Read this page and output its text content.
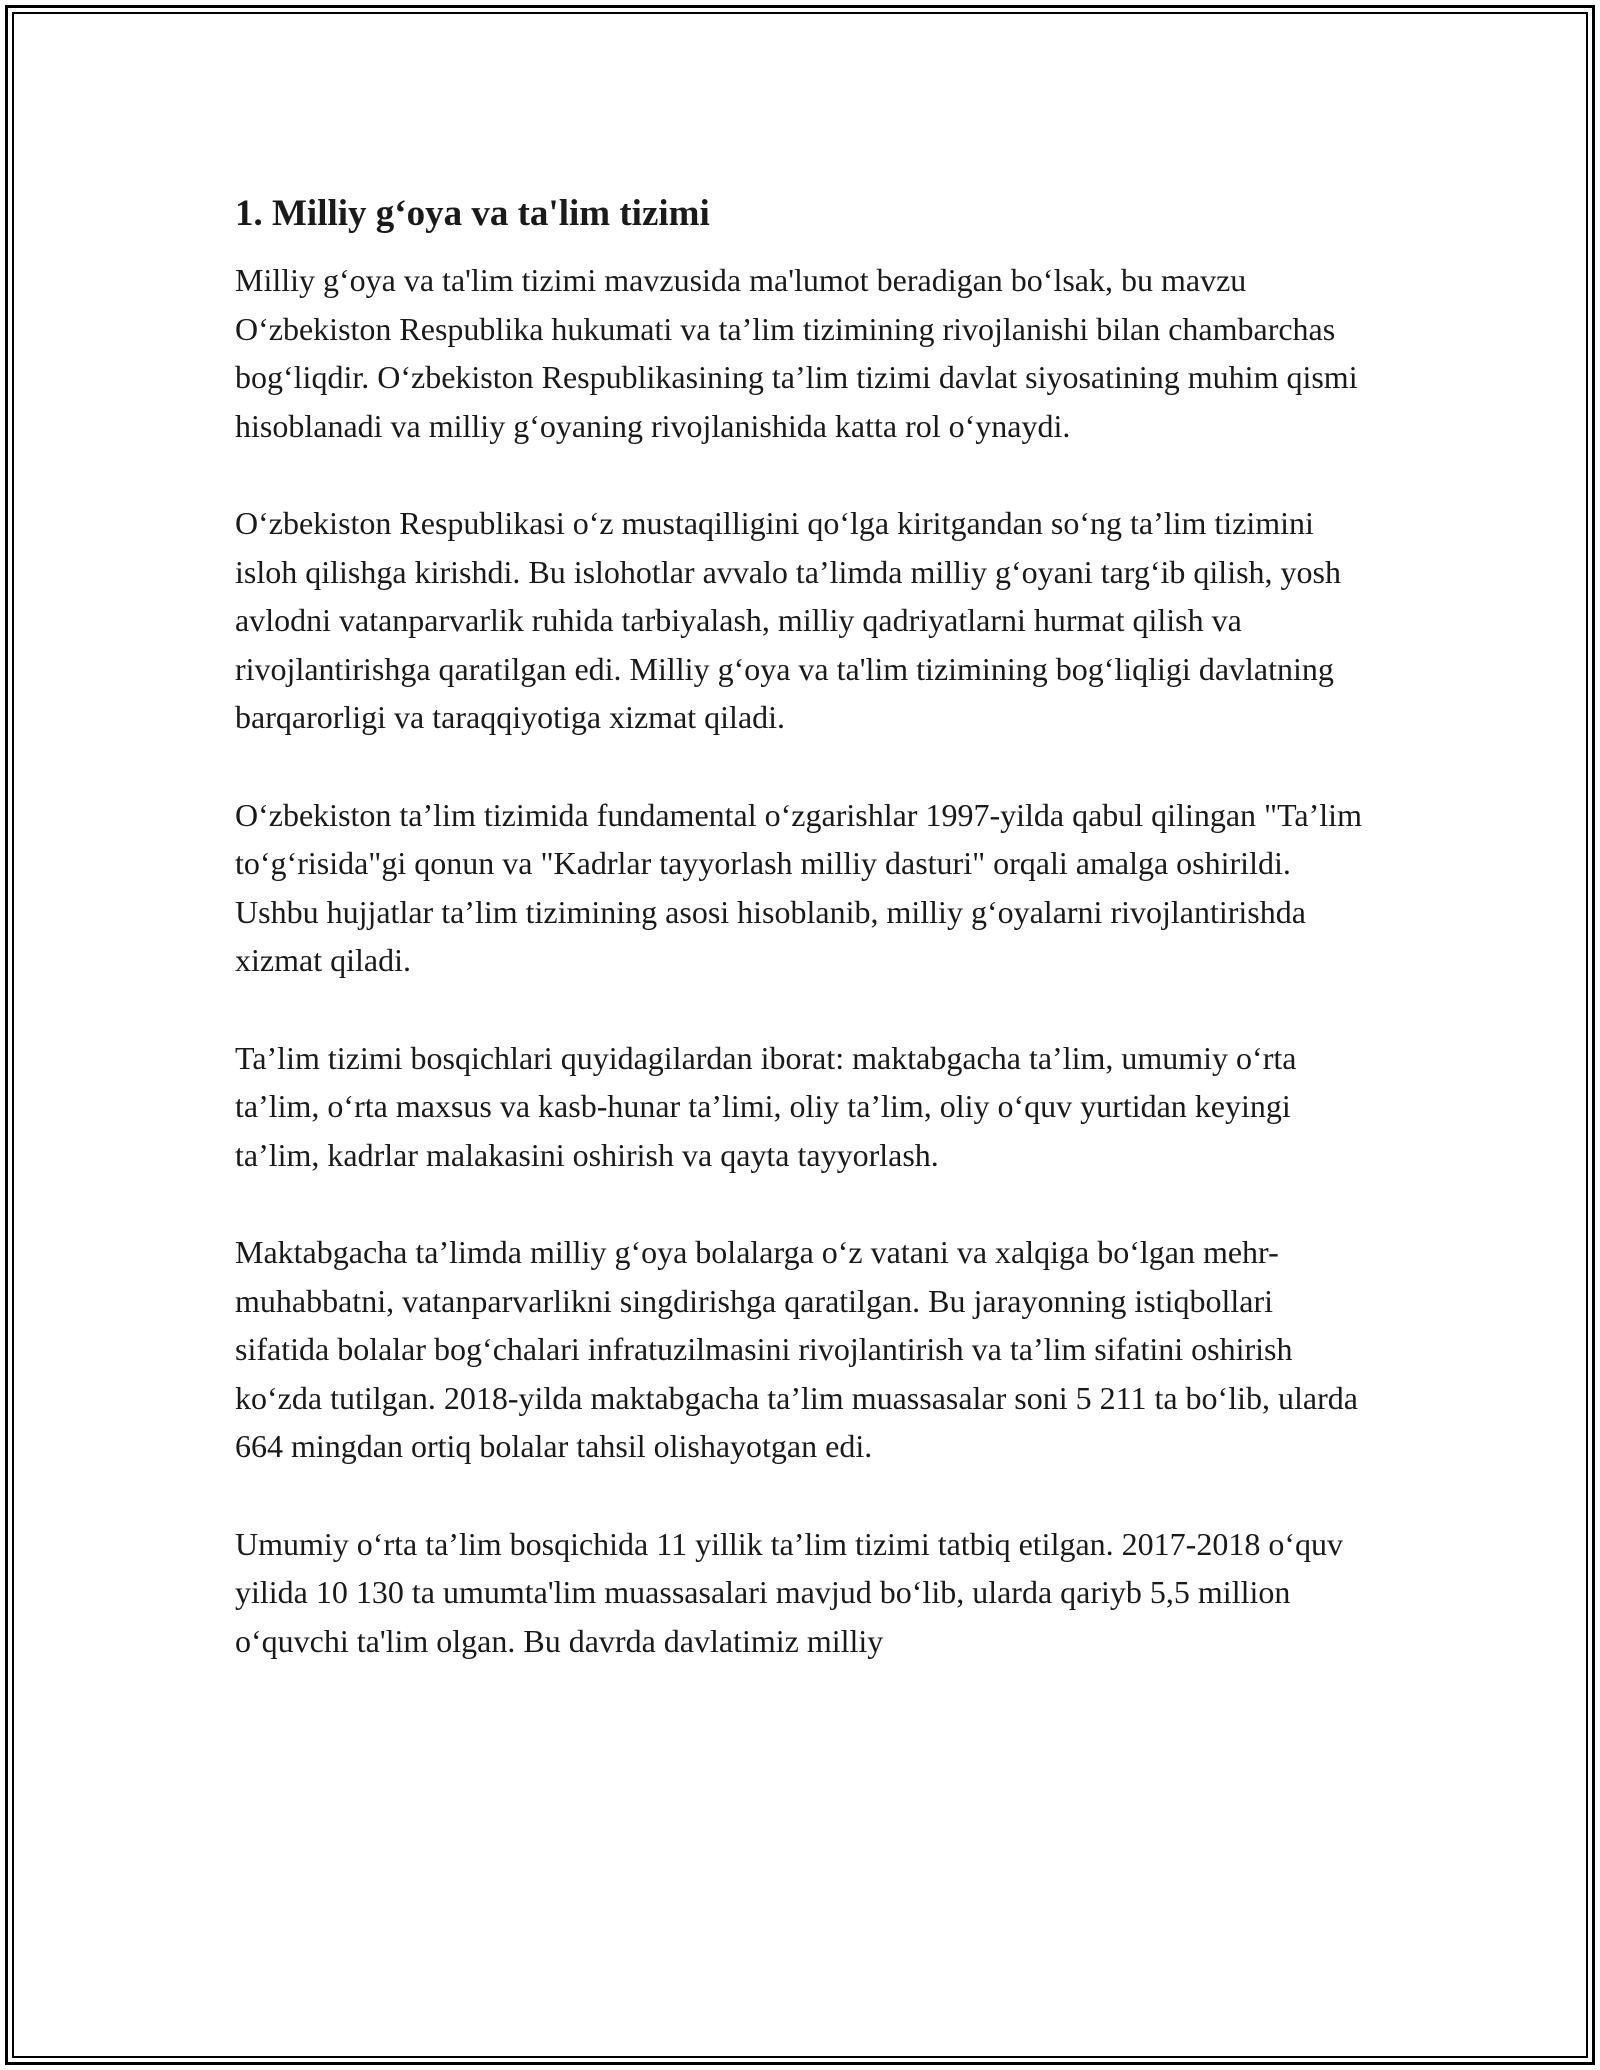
1. Milliy g‘oya va ta'lim tizimi

Milliy g‘oya va ta'lim tizimi mavzusida ma'lumot beradigan bo‘lsak, bu mavzu O‘zbekiston Respublika hukumati va ta’lim tizimining rivojlanishi bilan chambarchas bog‘liqdir. O‘zbekiston Respublikasining ta’lim tizimi davlat siyosatining muhim qismi hisoblanadi va milliy g‘oyaning rivojlanishida katta rol o‘ynaydi.

O‘zbekiston Respublikasi o‘z mustaqilligini qo‘lga kiritgandan so‘ng ta’lim tizimini isloh qilishga kirishdi. Bu islohotlar avvalo ta’limda milliy g‘oyani targ‘ib qilish, yosh avlodni vatanparvarlik ruhida tarbiyalash, milliy qadriyatlarni hurmat qilish va rivojlantirishga qaratilgan edi. Milliy g‘oya va ta'lim tizimining bog‘liqligi davlatning barqarorligi va taraqqiyotiga xizmat qiladi.

O‘zbekiston ta’lim tizimida fundamental o‘zgarishlar 1997-yilda qabul qilingan "Ta’lim to‘g‘risida"gi qonun va "Kadrlar tayyorlash milliy dasturi" orqali amalga oshirildi. Ushbu hujjatlar ta’lim tizimining asosi hisoblanib, milliy g‘oyalarni rivojlantirishda xizmat qiladi.

Ta’lim tizimi bosqichlari quyidagilardan iborat: maktabgacha ta’lim, umumiy o‘rta ta’lim, o‘rta maxsus va kasb-hunar ta’limi, oliy ta’lim, oliy o‘quv yurtidan keyingi ta’lim, kadrlar malakasini oshirish va qayta tayyorlash.

Maktabgacha ta’limda milliy g‘oya bolalarga o‘z vatani va xalqiga bo‘lgan mehr-muhabbatni, vatanparvarlikni singdirishga qaratilgan. Bu jarayonning istiqbollari sifatida bolalar bog‘chalari infratuzilmasini rivojlantirish va ta’lim sifatini oshirish ko‘zda tutilgan. 2018-yilda maktabgacha ta’lim muassasalar soni 5 211 ta bo‘lib, ularda 664 mingdan ortiq bolalar tahsil olishayotgan edi.

Umumiy o‘rta ta’lim bosqichida 11 yillik ta’lim tizimi tatbiq etilgan. 2017-2018 o‘quv yilida 10 130 ta umumta'lim muassasalari mavjud bo‘lib, ularda qariyb 5,5 million o‘quvchi ta'lim olgan. Bu davrda davlatimiz milliy
